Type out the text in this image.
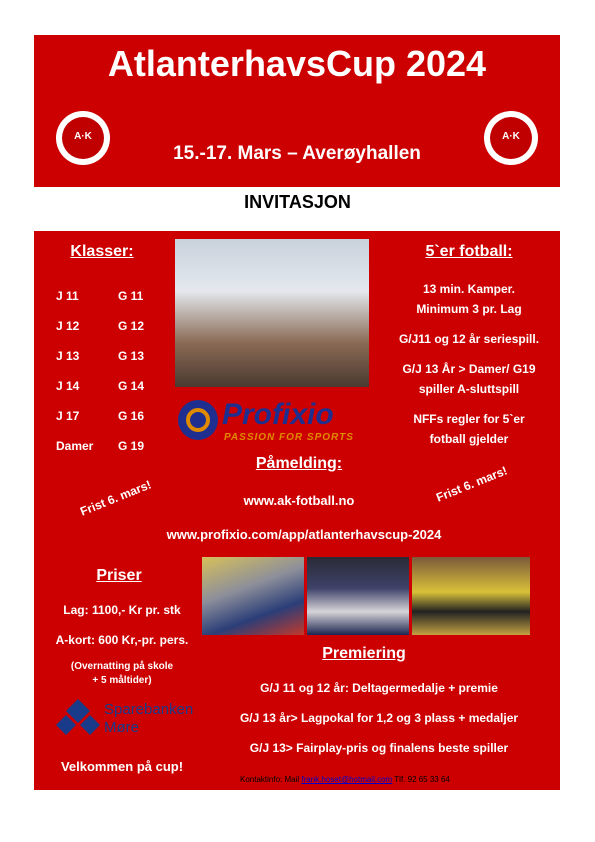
AtlanterhavsCup 2024
A·K	A·K
15.-17. Mars – Averøyhallen
INVITASJON
Klasser:
J 11
J 12
J 13
J 14
J 17
Damer
G 11
G 12
G 13
G 14
G 16
G 19
Profixio
PASSION FOR SPORTS
5`er fotball:
13 min. Kamper.
Minimum 3 pr. Lag
G/J11 og 12 år seriespill.
G/J 13 År > Damer/ G19
spiller A-sluttspill
NFFs regler for 5`er
fotball gjelder
Påmelding:
www.ak-fotball.no
www.profixio.com/app/atlanterhavscup-2024
Frist 6. mars!	Frist 6. mars!
Priser
Lag: 1100,- Kr pr. stk
A-kort: 600 Kr,-pr. pers.
(Overnatting på skole
+ 5 måltider)
Sparebanken
Møre
Velkommen på cup!
Premiering
G/J 11 og 12 år: Deltagermedalje + premie
G/J 13 år> Lagpokal for 1,2 og 3 plass + medaljer
G/J 13> Fairplay-pris og finalens beste spiller
Kontaktinfo: Mail frank.hoset@hotmail.com Tlf. 92 65 33 64
